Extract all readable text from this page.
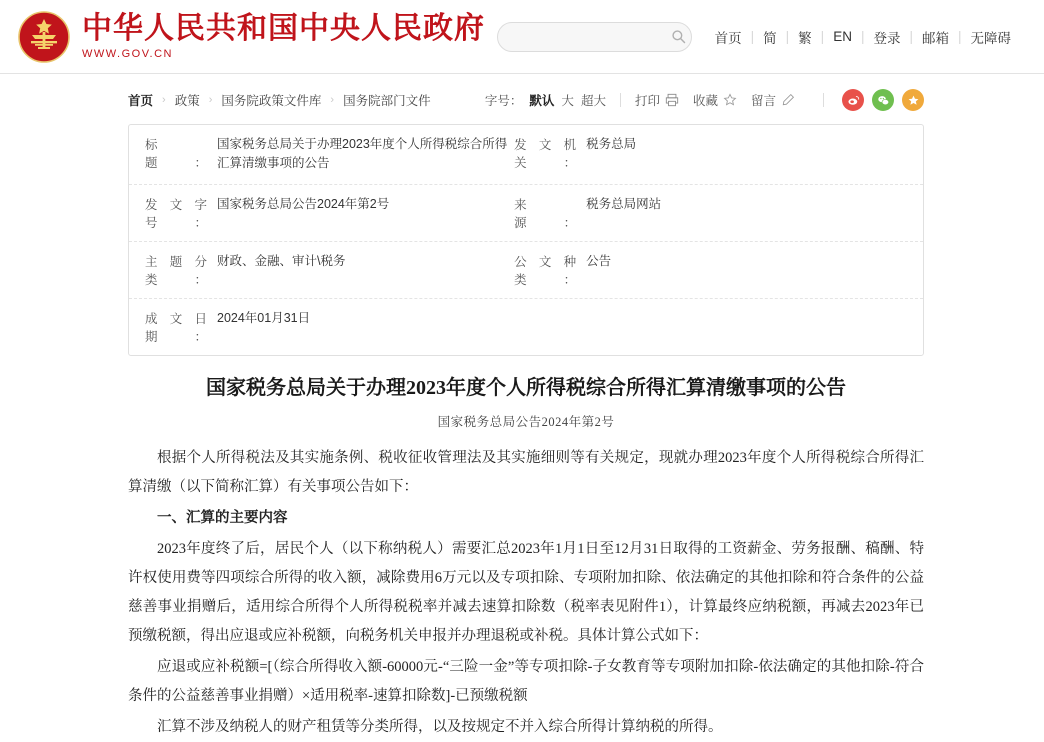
中华人民共和国中央人民政府
WWW.GOV.CN
首页 | 简 | 繁 | EN | 登录 | 邮箱 | 无障碍
首页 › 政策 › 国务院政策文件库 › 国务院部门文件	字号： 默认 大 超大 打印	收藏	留言
标　　题：
国家税务总局关于办理2023年度个人所得税综合所得汇算清缴事项的公告
发文机关：
税务总局
发文字号：
国家税务总局公告2024年第2号	来　　源：
税务总局网站
主题分类：
财政、金融、审计\税务	公文种类：
公告
成文日期：
2024年01月31日
国家税务总局关于办理2023年度个人所得税综合所得汇算清缴事项的公告
国家税务总局公告2024年第2号

根据个人所得税法及其实施条例、税收征收管理法及其实施细则等有关规定，现就办理2023年度个人所得税综合所得汇算清缴（以下简称汇算）有关事项公告如下：

一、汇算的主要内容

2023年度终了后，居民个人（以下称纳税人）需要汇总2023年1月1日至12月31日取得的工资薪金、劳务报酬、稿酬、特许权使用费等四项综合所得的收入额，减除费用6万元以及专项扣除、专项附加扣除、依法确定的其他扣除和符合条件的公益慈善事业捐赠后，适用综合所得个人所得税税率并减去速算扣除数（税率表见附件1），计算最终应纳税额，再减去2023年已预缴税额，得出应退或应补税额，向税务机关申报并办理退税或补税。具体计算公式如下：

应退或应补税额=[（综合所得收入额-60000元-“三险一金”等专项扣除-子女教育等专项附加扣除-依法确定的其他扣除-符合条件的公益慈善事业捐赠）×适用税率-速算扣除数]-已预缴税额

汇算不涉及纳税人的财产租赁等分类所得，以及按规定不并入综合所得计算纳税的所得。
